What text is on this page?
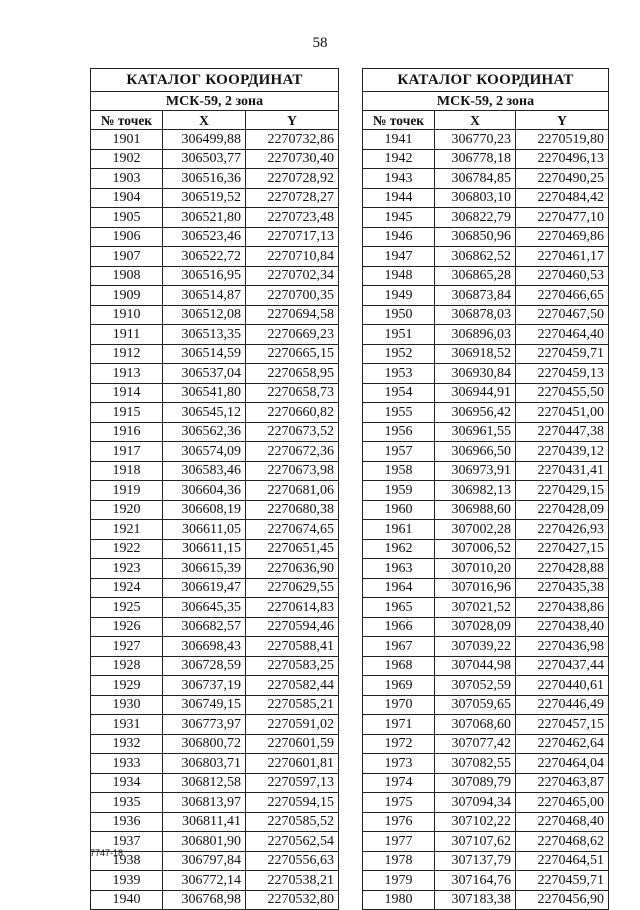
58
КАТАЛОГ КООРДИНАТ		
МСК-59, 2 зона		
№ точек	X	Y
1901	306499,88	2270732,86
1902	306503,77	2270730,40
1903	306516,36	2270728,92
1904	306519,52	2270728,27
1905	306521,80	2270723,48
1906	306523,46	2270717,13
1907	306522,72	2270710,84
1908	306516,95	2270702,34
1909	306514,87	2270700,35
1910	306512,08	2270694,58
1911	306513,35	2270669,23
1912	306514,59	2270665,15
1913	306537,04	2270658,95
1914	306541,80	2270658,73
1915	306545,12	2270660,82
1916	306562,36	2270673,52
1917	306574,09	2270672,36
1918	306583,46	2270673,98
1919	306604,36	2270681,06
1920	306608,19	2270680,38
1921	306611,05	2270674,65
1922	306611,15	2270651,45
1923	306615,39	2270636,90
1924	306619,47	2270629,55
1925	306645,35	2270614,83
1926	306682,57	2270594,46
1927	306698,43	2270588,41
1928	306728,59	2270583,25
1929	306737,19	2270582,44
1930	306749,15	2270585,21
1931	306773,97	2270591,02
1932	306800,72	2270601,59
1933	306803,71	2270601,81
1934	306812,58	2270597,13
1935	306813,97	2270594,15
1936	306811,41	2270585,52
1937	306801,90	2270562,54
1938	306797,84	2270556,63
1939	306772,14	2270538,21
1940	306768,98	2270532,80
КАТАЛОГ КООРДИНАТ		
МСК-59, 2 зона		
№ точек	X	Y
1941	306770,23	2270519,80
1942	306778,18	2270496,13
1943	306784,85	2270490,25
1944	306803,10	2270484,42
1945	306822,79	2270477,10
1946	306850,96	2270469,86
1947	306862,52	2270461,17
1948	306865,28	2270460,53
1949	306873,84	2270466,65
1950	306878,03	2270467,50
1951	306896,03	2270464,40
1952	306918,52	2270459,71
1953	306930,84	2270459,13
1954	306944,91	2270455,50
1955	306956,42	2270451,00
1956	306961,55	2270447,38
1957	306966,50	2270439,12
1958	306973,91	2270431,41
1959	306982,13	2270429,15
1960	306988,60	2270428,09
1961	307002,28	2270426,93
1962	307006,52	2270427,15
1963	307010,20	2270428,88
1964	307016,96	2270435,38
1965	307021,52	2270438,86
1966	307028,09	2270438,40
1967	307039,22	2270436,98
1968	307044,98	2270437,44
1969	307052,59	2270440,61
1970	307059,65	2270446,49
1971	307068,60	2270457,15
1972	307077,42	2270462,64
1973	307082,55	2270464,04
1974	307089,79	2270463,87
1975	307094,34	2270465,00
1976	307102,22	2270468,40
1977	307107,62	2270468,62
1978	307137,79	2270464,51
1979	307164,76	2270459,71
1980	307183,38	2270456,90
7747-18
